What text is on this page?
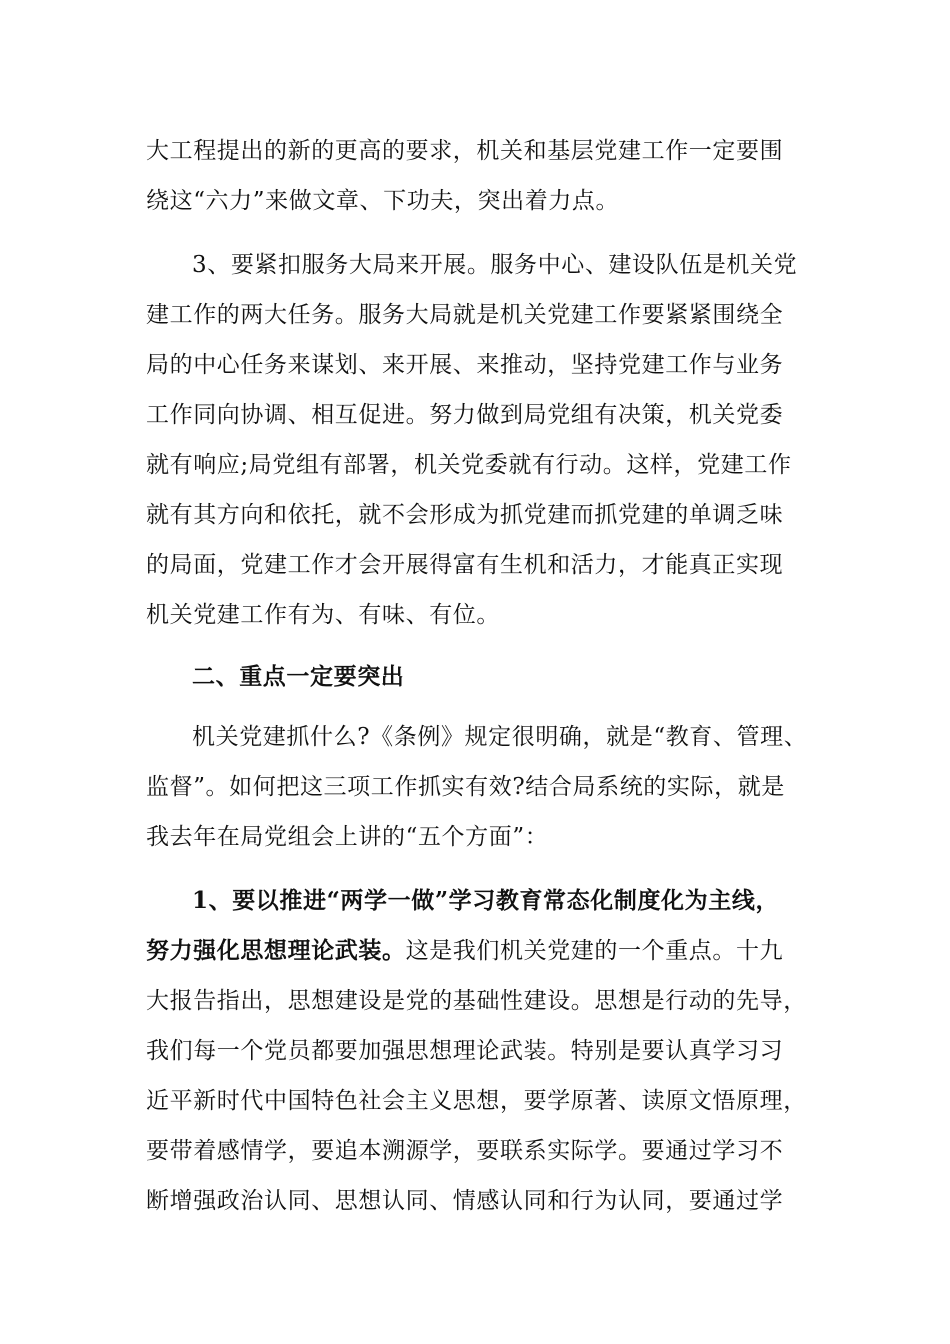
大工程提出的新的更高的要求，机关和基层党建工作一定要围
绕这“六力”来做文章、下功夫，突出着力点。
3、要紧扣服务大局来开展。服务中心、建设队伍是机关党
建工作的两大任务。服务大局就是机关党建工作要紧紧围绕全
局的中心任务来谋划、来开展、来推动，坚持党建工作与业务
工作同向协调、相互促进。努力做到局党组有决策，机关党委
就有响应;局党组有部署，机关党委就有行动。这样，党建工作
就有其方向和依托，就不会形成为抓党建而抓党建的单调乏味
的局面，党建工作才会开展得富有生机和活力，才能真正实现
机关党建工作有为、有味、有位。
二、重点一定要突出
机关党建抓什么?《条例》规定很明确，就是“教育、管理、
监督”。如何把这三项工作抓实有效?结合局系统的实际，就是
我去年在局党组会上讲的“五个方面”：
1、要以推进“两学一做”学习教育常态化制度化为主线，
努力强化思想理论武装。这是我们机关党建的一个重点。十九
大报告指出，思想建设是党的基础性建设。思想是行动的先导，
我们每一个党员都要加强思想理论武装。特别是要认真学习习
近平新时代中国特色社会主义思想，要学原著、读原文悟原理，
要带着感情学，要追本溯源学，要联系实际学。要通过学习不
断增强政治认同、思想认同、情感认同和行为认同，要通过学
